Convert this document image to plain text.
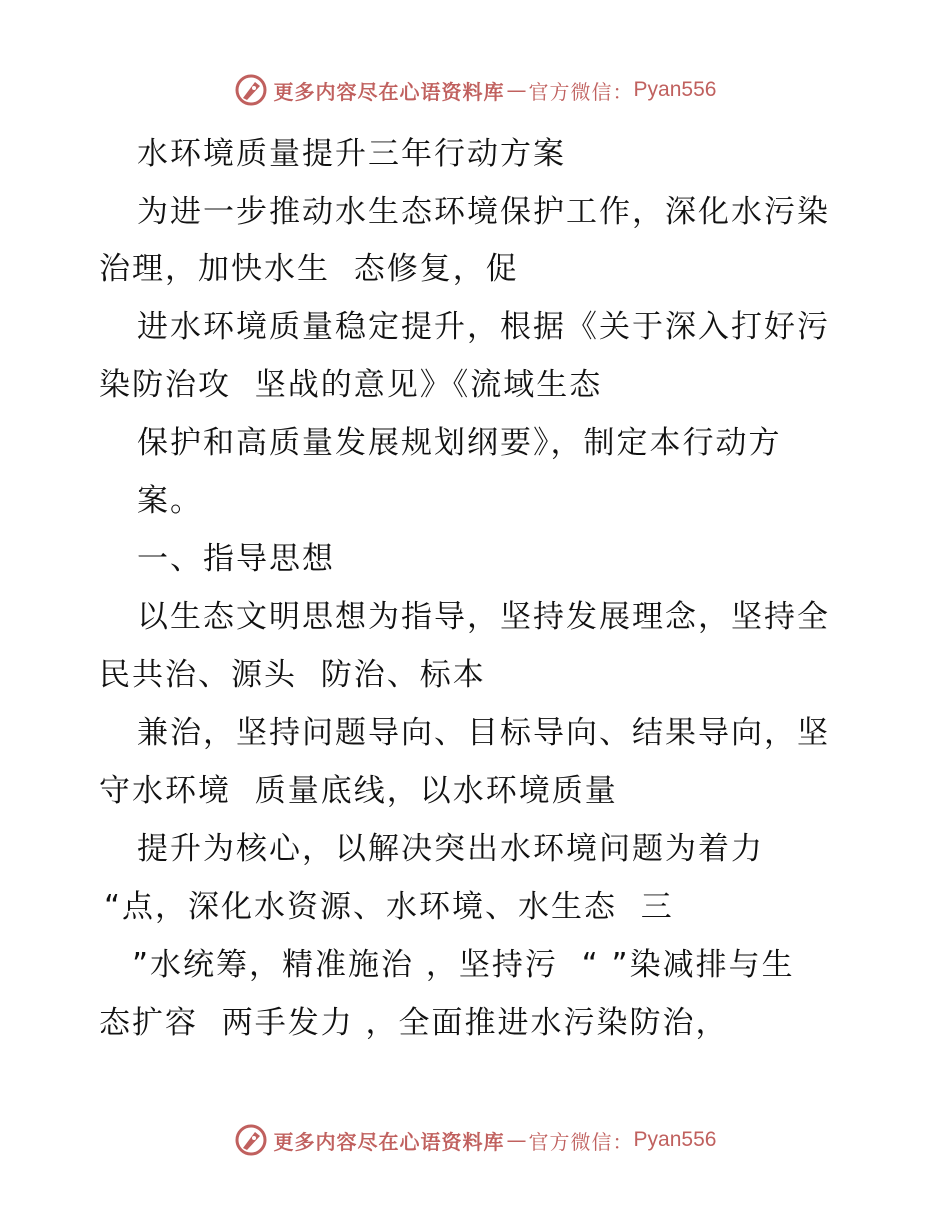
更多内容尽在心语资料库 — 官方微信： Pyan556
水环境质量提升三年行动方案
为进一步推动水生态环境保护工作，深化水污染
治理，加快水生  态修复，促
进水环境质量稳定提升，根据《关于深入打好污
染防治攻  坚战的意见》《流域生态
保护和高质量发展规划纲要》，制定本行动方
案。
一、指导思想
以生态文明思想为指导，坚持发展理念，坚持全
民共治、源头  防治、标本
兼治，坚持问题导向、目标导向、结果导向，坚
守水环境  质量底线，以水环境质量
提升为核心，以解决突出水环境问题为着力
“点，深化水资源、水环境、水生态  三
”水统筹，精准施治 ，坚持污  “ ”染减排与生
态扩容  两手发力 ，全面推进水污染防治，
更多内容尽在心语资料库 — 官方微信： Pyan556
